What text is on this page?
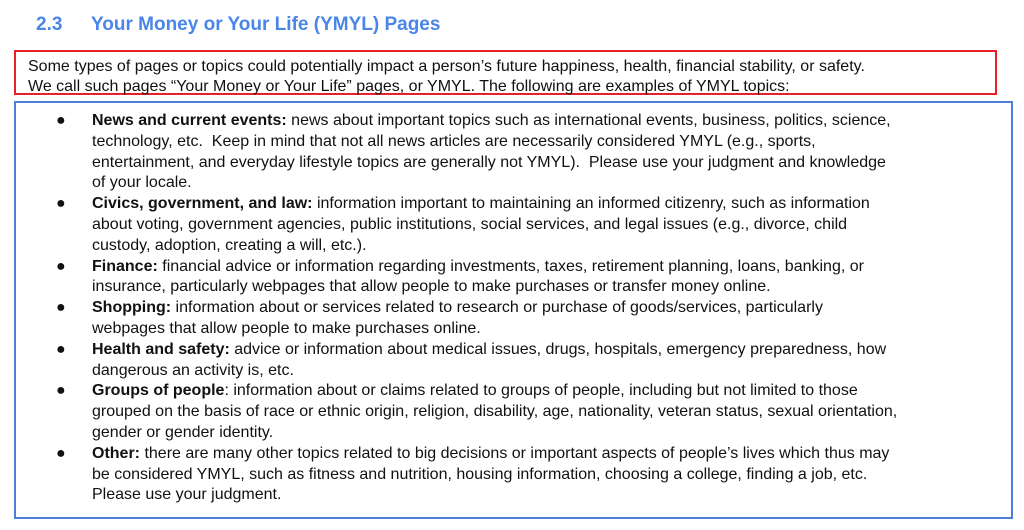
2.3 Your Money or Your Life (YMYL) Pages
Some types of pages or topics could potentially impact a person’s future happiness, health, financial stability, or safety.
We call such pages “Your Money or Your Life” pages, or YMYL. The following are examples of YMYL topics:
● News and current events: news about important topics such as international events, business, politics, science,
technology, etc.  Keep in mind that not all news articles are necessarily considered YMYL (e.g., sports,
entertainment, and everyday lifestyle topics are generally not YMYL).  Please use your judgment and knowledge
of your locale.
● Civics, government, and law: information important to maintaining an informed citizenry, such as information
about voting, government agencies, public institutions, social services, and legal issues (e.g., divorce, child
custody, adoption, creating a will, etc.).
● Finance: financial advice or information regarding investments, taxes, retirement planning, loans, banking, or
insurance, particularly webpages that allow people to make purchases or transfer money online.
● Shopping: information about or services related to research or purchase of goods/services, particularly
webpages that allow people to make purchases online.
● Health and safety: advice or information about medical issues, drugs, hospitals, emergency preparedness, how
dangerous an activity is, etc.
● Groups of people: information about or claims related to groups of people, including but not limited to those
grouped on the basis of race or ethnic origin, religion, disability, age, nationality, veteran status, sexual orientation,
gender or gender identity.
● Other: there are many other topics related to big decisions or important aspects of people’s lives which thus may
be considered YMYL, such as fitness and nutrition, housing information, choosing a college, finding a job, etc.
Please use your judgment.
